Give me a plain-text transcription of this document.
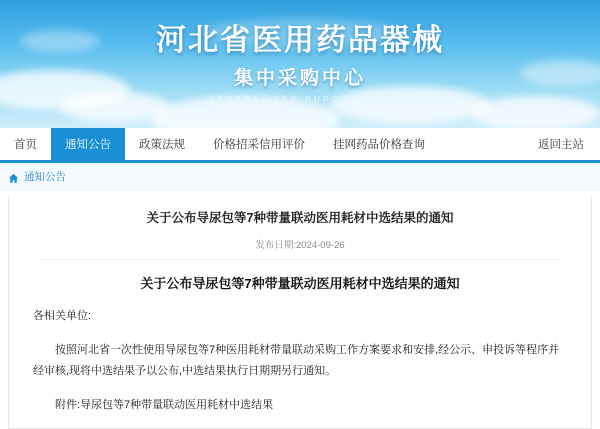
河北省医用药品器械
集中采购中心
CENTRALIZED PURCHASING
首页	通知公告	政策法规	价格招采信用评价	挂网药品价格查询	返回主站
通知公告
关于公布导尿包等7种带量联动医用耗材中选结果的通知
发布日期:2024-09-26
关于公布导尿包等7种带量联动医用耗材中选结果的通知

各相关单位:

按照河北省一次性使用导尿包等7种医用耗材带量联动采购工作方案要求和安排,经公示、申投诉等程序并经审核,现将中选结果予以公布,中选结果执行日期期另行通知。

附件:导尿包等7种带量联动医用耗材中选结果
